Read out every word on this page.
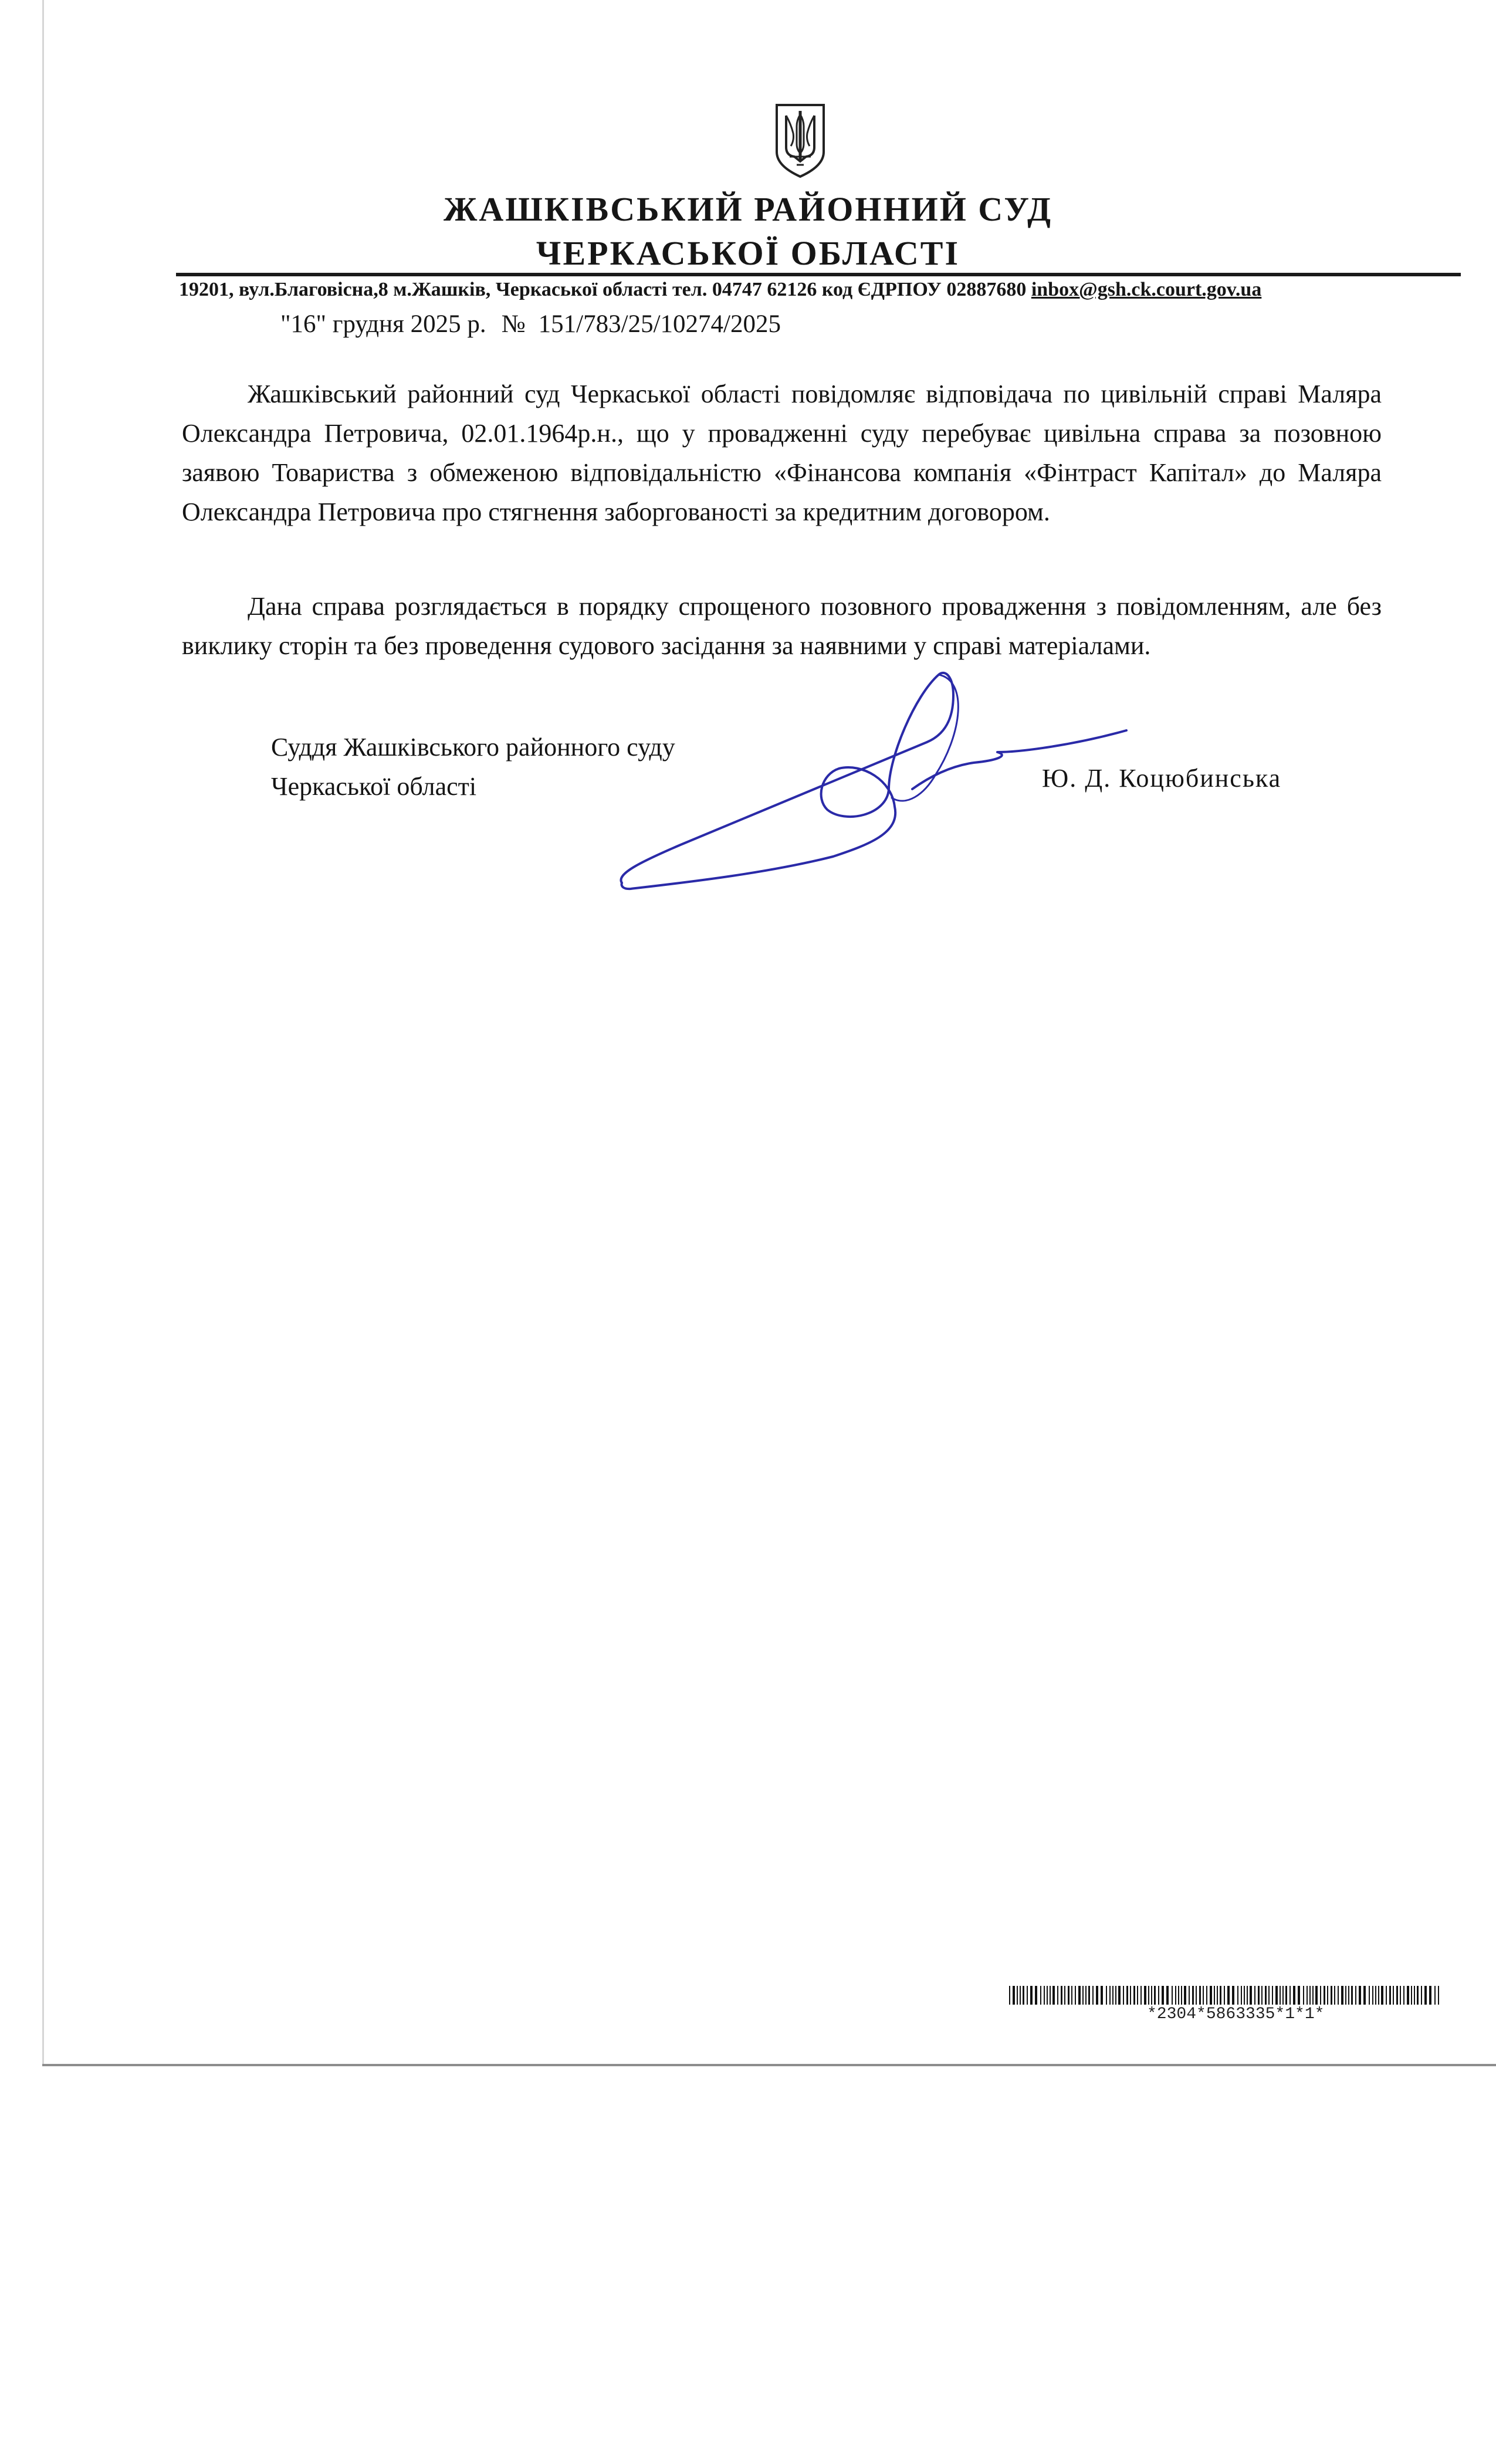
ЖАШКІВСЬКИЙ РАЙОННИЙ СУД
ЧЕРКАСЬКОЇ ОБЛАСТІ
19201, вул.Благовісна,8 м.Жашків, Черкаської області тел. 04747 62126 код ЄДРПОУ 02887680 inbox@gsh.ck.court.gov.ua
"16" грудня 2025 р. № 151/783/25/10274/2025
Жашківський районний суд Черкаської області повідомляє відповідача по цивільній справі Маляра Олександра Петровича, 02.01.1964р.н., що у провадженні суду перебуває цивільна справа за позовною заявою Товариства з обмеженою відповідальністю «Фінансова компанія «Фінтраст Капітал» до Маляра Олександра Петровича про стягнення заборгованості за кредитним договором.
Дана справа розглядається в порядку спрощеного позовного провадження з повідомленням, але без виклику сторін та без проведення судового засідання за наявними у справі матеріалами.
Суддя Жашківського районного суду
Черкаської області	Ю. Д. Коцюбинська
*2304*5863335*1*1*
